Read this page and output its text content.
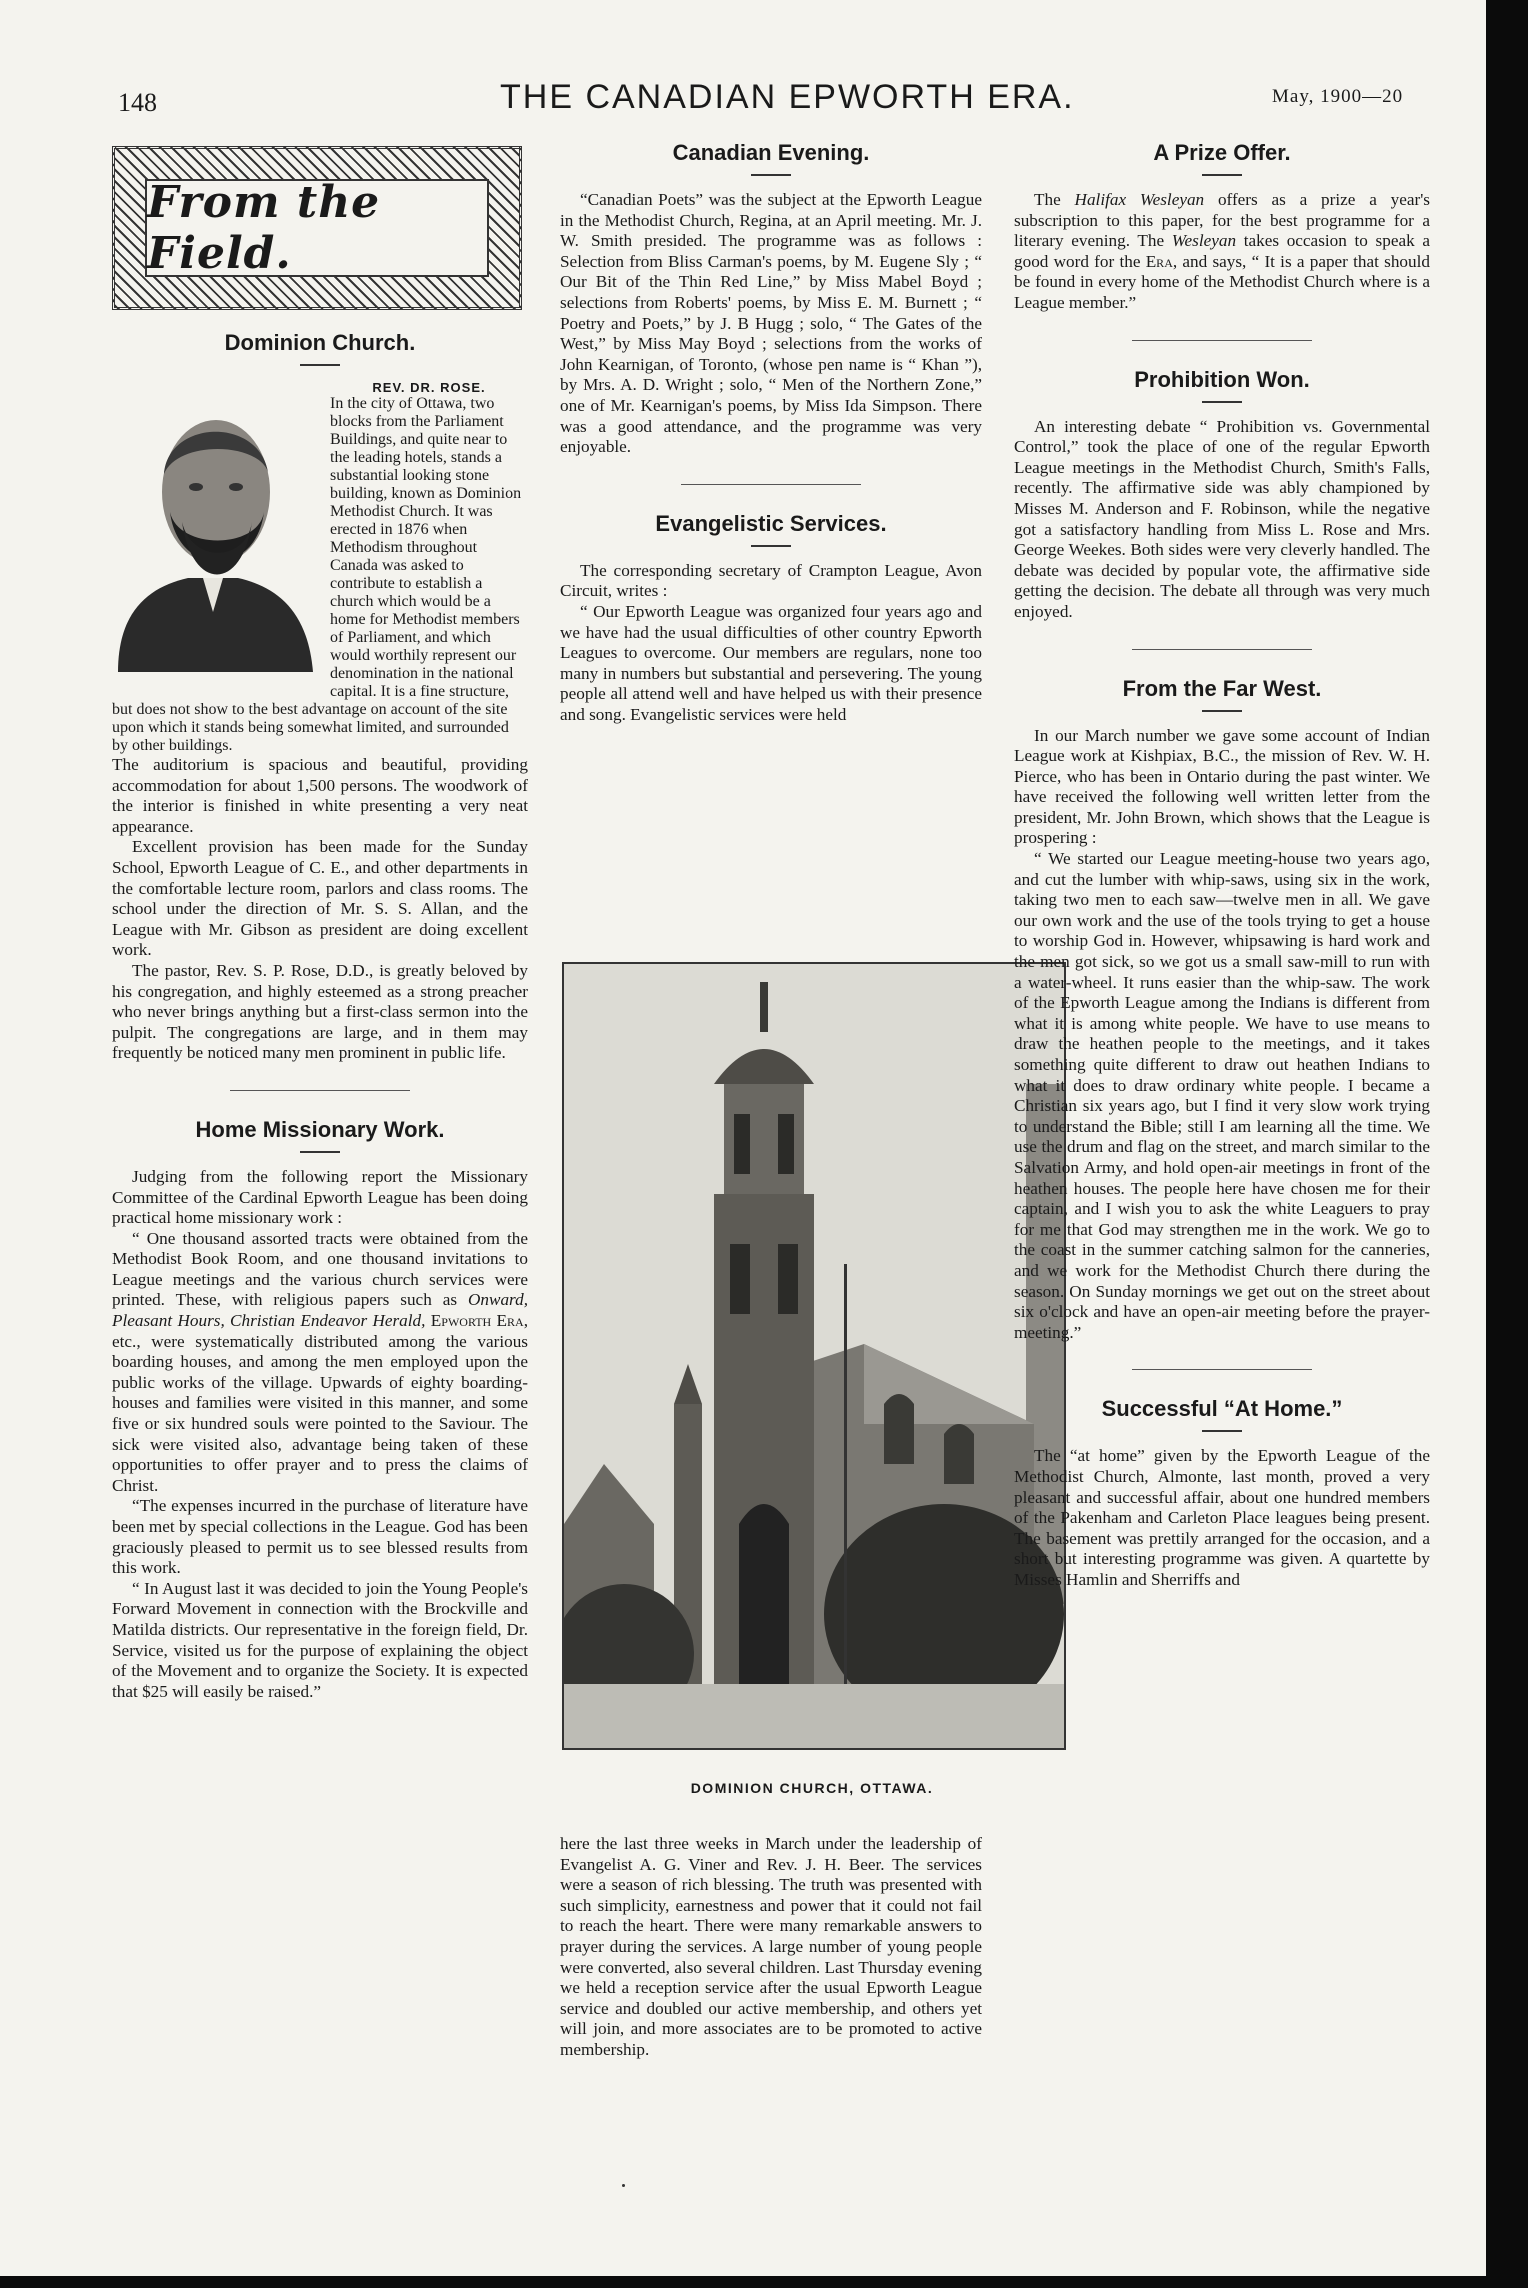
148	THE CANADIAN EPWORTH ERA.	May, 1900—20
From the Field.
Dominion Church.

REV. DR. ROSE.
In the city of Ottawa, two blocks from the Parliament Buildings, and quite near to the leading hotels, stands a substantial looking stone building, known as Dominion Methodist Church. It was erected in 1876 when Methodism throughout Canada was asked to contribute to establish a church which would be a home for Methodist members of Parliament, and which would worthily represent our denomination in the national capital. It is a fine structure, but does not show to the best advantage on account of the site upon which it stands being somewhat limited, and surrounded by other buildings.

The auditorium is spacious and beautiful, providing accommodation for about 1,500 persons. The woodwork of the interior is finished in white presenting a very neat appearance.

Excellent provision has been made for the Sunday School, Epworth League of C. E., and other departments in the comfortable lecture room, parlors and class rooms. The school under the direction of Mr. S. S. Allan, and the League with Mr. Gibson as president are doing excellent work.

The pastor, Rev. S. P. Rose, D.D., is greatly beloved by his congregation, and highly esteemed as a strong preacher who never brings anything but a first-class sermon into the pulpit. The congregations are large, and in them may frequently be noticed many men prominent in public life.

Home Missionary Work.

Judging from the following report the Missionary Committee of the Cardinal Epworth League has been doing practical home missionary work :

“ One thousand assorted tracts were obtained from the Methodist Book Room, and one thousand invitations to League meetings and the various church services were printed. These, with religious papers such as Onward, Pleasant Hours, Christian Endeavor Herald, Epworth Era, etc., were systematically distributed among the various boarding houses, and among the men employed upon the public works of the village. Upwards of eighty boarding-houses and families were visited in this manner, and some five or six hundred souls were pointed to the Saviour. The sick were visited also, advantage being taken of these opportunities to offer prayer and to press the claims of Christ.

“The expenses incurred in the purchase of literature have been met by special collections in the League. God has been graciously pleased to permit us to see blessed results from this work.

“ In August last it was decided to join the Young People's Forward Movement in connection with the Brockville and Matilda districts. Our representative in the foreign field, Dr. Service, visited us for the purpose of explaining the object of the Movement and to organize the Society. It is expected that $25 will easily be raised.”

Canadian Evening.

“Canadian Poets” was the subject at the Epworth League in the Methodist Church, Regina, at an April meeting. Mr. J. W. Smith presided. The programme was as follows : Selection from Bliss Carman's poems, by M. Eugene Sly ; “ Our Bit of the Thin Red Line,” by Miss Mabel Boyd ; selections from Roberts' poems, by Miss E. M. Burnett ; “ Poetry and Poets,” by J. B Hugg ; solo, “ The Gates of the West,” by Miss May Boyd ; selections from the works of John Kearnigan, of Toronto, (whose pen name is “ Khan ”), by Mrs. A. D. Wright ; solo, “ Men of the Northern Zone,” one of Mr. Kearnigan's poems, by Miss Ida Simpson. There was a good attendance, and the programme was very enjoyable.

Evangelistic Services.

The corresponding secretary of Crampton League, Avon Circuit, writes :

“ Our Epworth League was organized four years ago and we have had the usual difficulties of other country Epworth Leagues to overcome. Our members are regulars, none too many in numbers but substantial and persevering. The young people all attend well and have helped us with their presence and song. Evangelistic services were held

DOMINION CHURCH, OTTAWA.

here the last three weeks in March under the leadership of Evangelist A. G. Viner and Rev. J. H. Beer. The services were a season of rich blessing. The truth was presented with such simplicity, earnestness and power that it could not fail to reach the heart. There were many remarkable answers to prayer during the services. A large number of young people were converted, also several children. Last Thursday evening we held a reception service after the usual Epworth League service and doubled our active membership, and others yet will join, and more associates are to be promoted to active membership.

A Prize Offer.

The Halifax Wesleyan offers as a prize a year's subscription to this paper, for the best programme for a literary evening. The Wesleyan takes occasion to speak a good word for the Era, and says, “ It is a paper that should be found in every home of the Methodist Church where is a League member.”

Prohibition Won.

An interesting debate “ Prohibition vs. Governmental Control,” took the place of one of the regular Epworth League meetings in the Methodist Church, Smith's Falls, recently. The affirmative side was ably championed by Misses M. Anderson and F. Robinson, while the negative got a satisfactory handling from Miss L. Rose and Mrs. George Weekes. Both sides were very cleverly handled. The debate was decided by popular vote, the affirmative side getting the decision. The debate all through was very much enjoyed.

From the Far West.

In our March number we gave some account of Indian League work at Kishpiax, B.C., the mission of Rev. W. H. Pierce, who has been in Ontario during the past winter. We have received the following well written letter from the president, Mr. John Brown, which shows that the League is prospering :

“ We started our League meeting-house two years ago, and cut the lumber with whip-saws, using six in the work, taking two men to each saw—twelve men in all. We gave our own work and the use of the tools trying to get a house to worship God in. However, whipsawing is hard work and the men got sick, so we got us a small saw-mill to run with a water-wheel. It runs easier than the whip-saw. The work of the Epworth League among the Indians is different from what it is among white people. We have to use means to draw the heathen people to the meetings, and it takes something quite different to draw out heathen Indians to what it does to draw ordinary white people. I became a Christian six years ago, but I find it very slow work trying to understand the Bible; still I am learning all the time. We use the drum and flag on the street, and march similar to the Salvation Army, and hold open-air meetings in front of the heathen houses. The people here have chosen me for their captain, and I wish you to ask the white Leaguers to pray for me that God may strengthen me in the work. We go to the coast in the summer catching salmon for the canneries, and we work for the Methodist Church there during the season. On Sunday mornings we get out on the street about six o'clock and have an open-air meeting before the prayer-meeting.”

Successful “At Home.”

The “at home” given by the Epworth League of the Methodist Church, Almonte, last month, proved a very pleasant and successful affair, about one hundred members of the Pakenham and Carleton Place leagues being present. The basement was prettily arranged for the occasion, and a short but interesting programme was given. A quartette by Misses Hamlin and Sherriffs and
